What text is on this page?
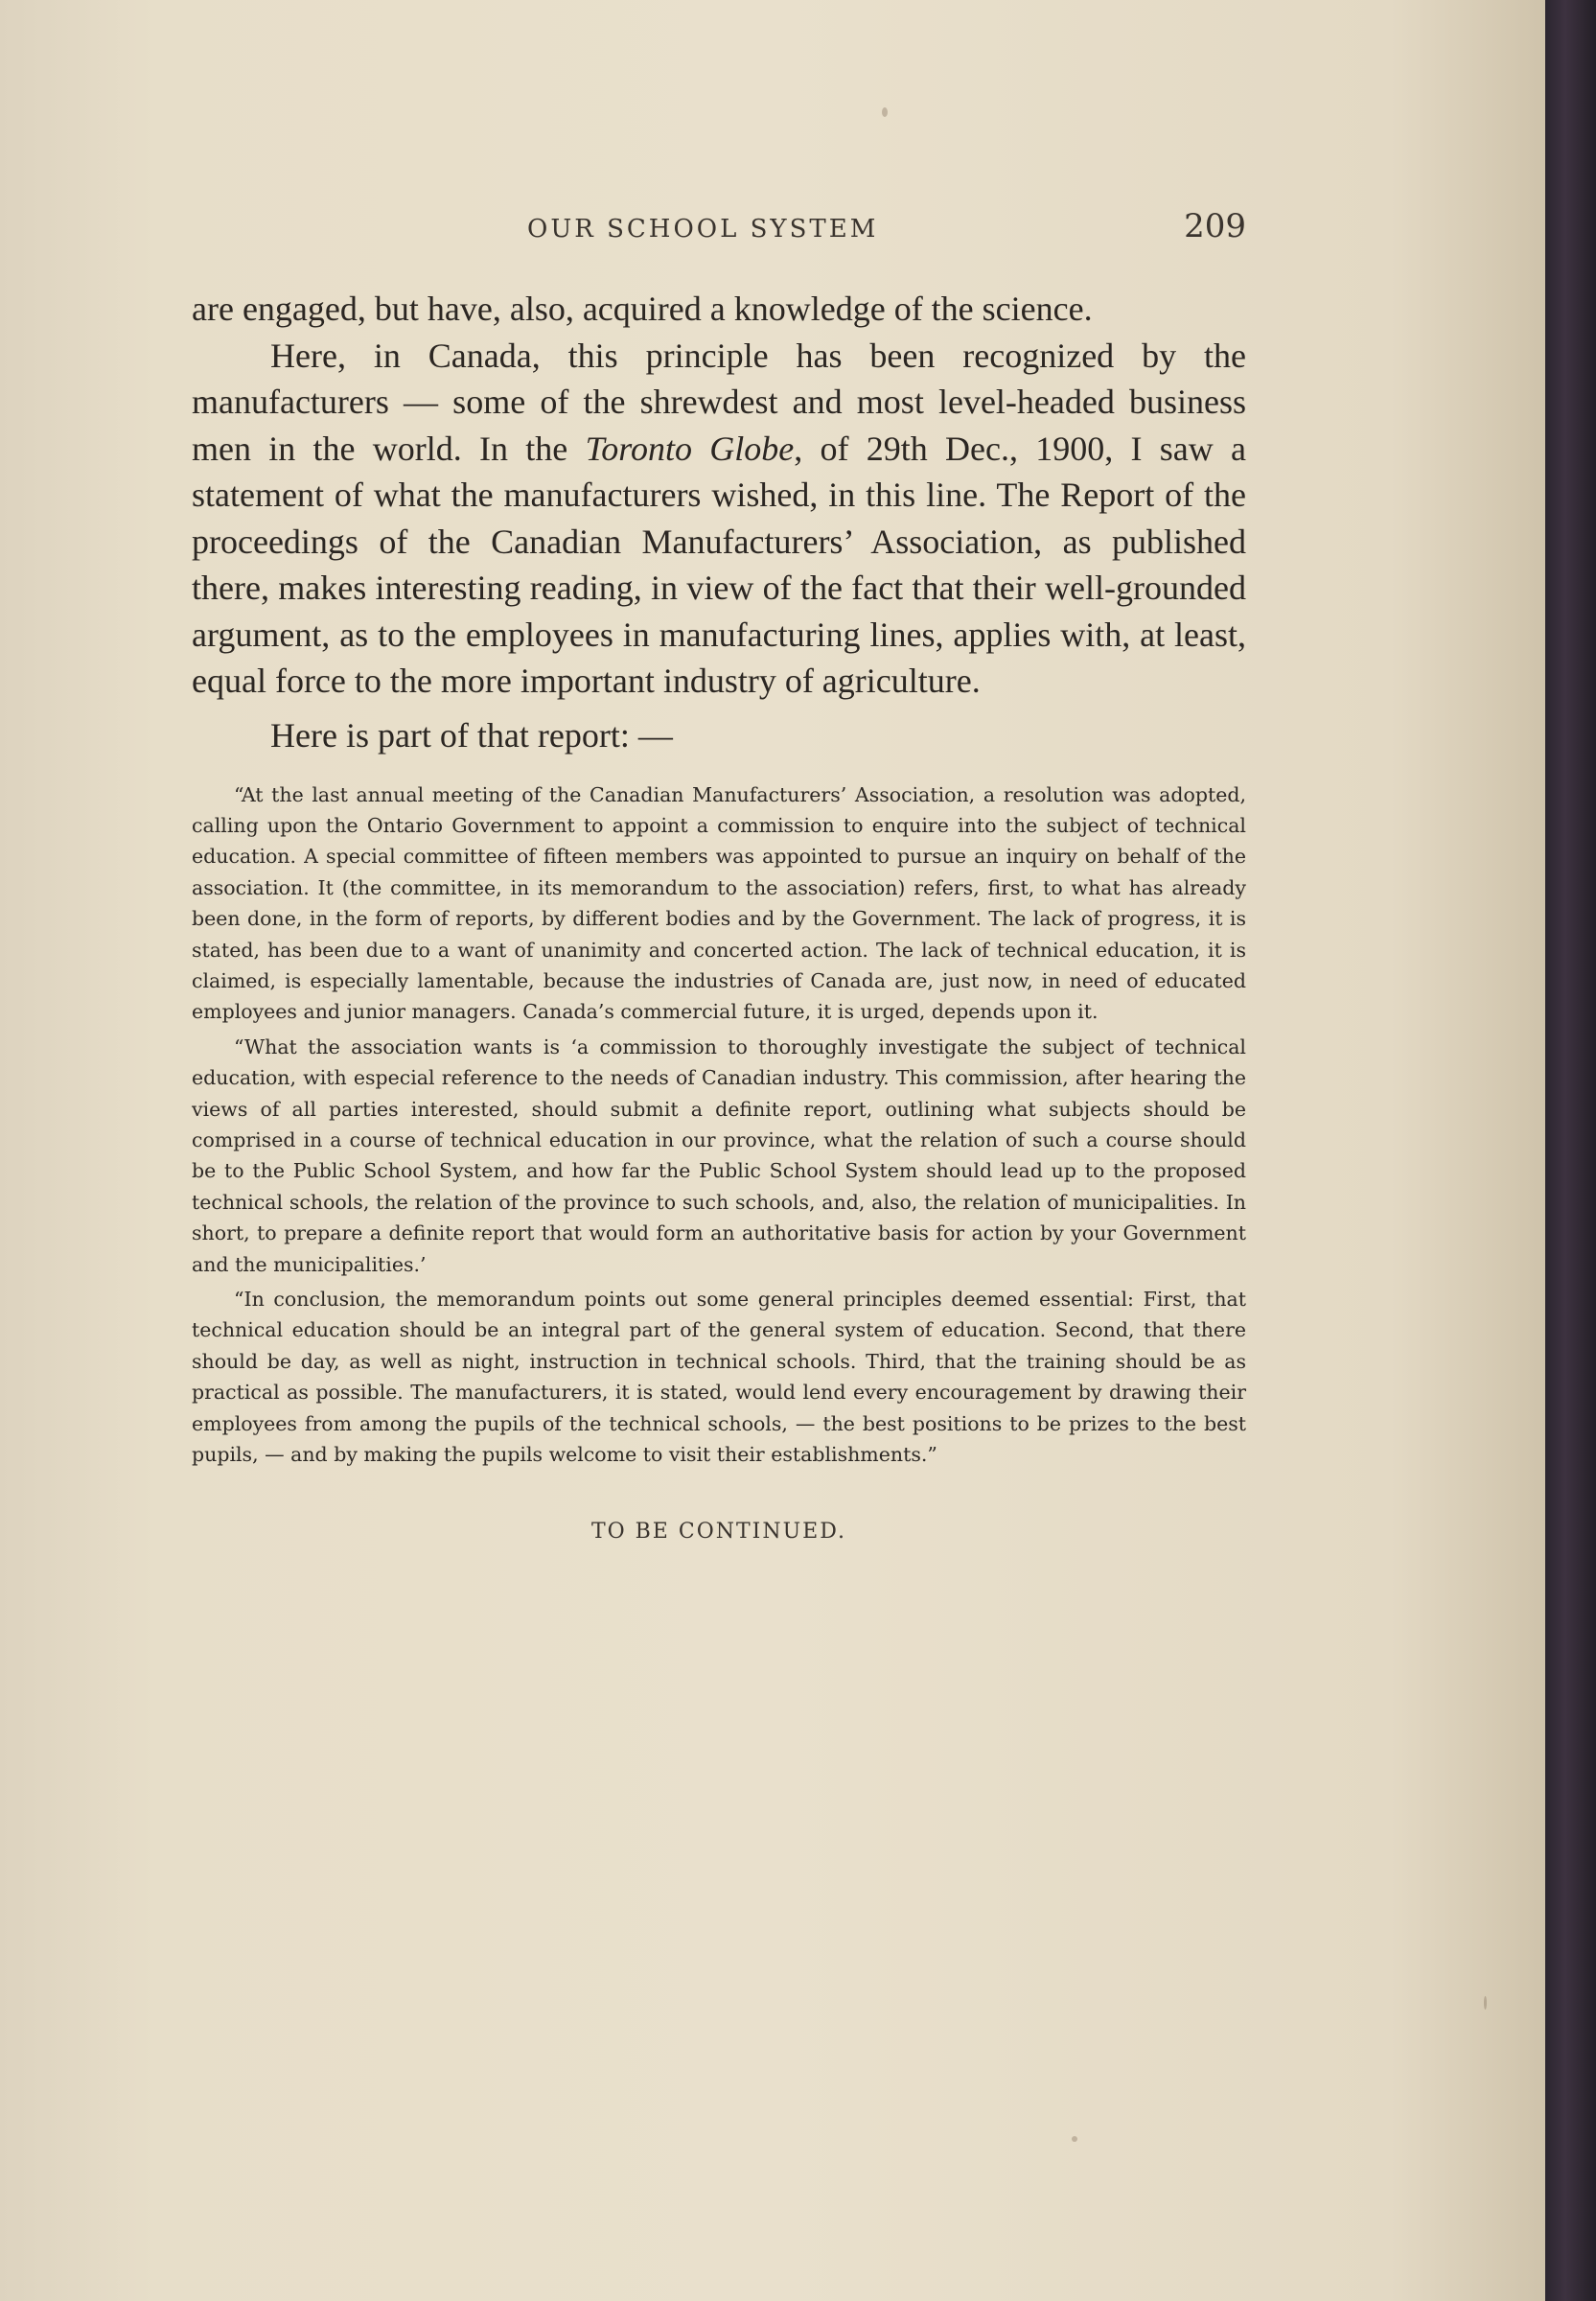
OUR SCHOOL SYSTEM	209

are engaged, but have, also, acquired a knowledge of the science.

Here, in Canada, this principle has been recognized by the manufacturers — some of the shrewdest and most level-headed business men in the world. In the Toronto Globe, of 29th Dec., 1900, I saw a statement of what the manufacturers wished, in this line. The Report of the proceedings of the Canadian Manufacturers’ Association, as published there, makes interesting reading, in view of the fact that their well-grounded argument, as to the employees in manufacturing lines, applies with, at least, equal force to the more important industry of agriculture.

Here is part of that report: —

“At the last annual meeting of the Canadian Manufacturers’ Association, a resolution was adopted, calling upon the Ontario Government to appoint a commission to enquire into the subject of technical education. A special committee of fifteen members was appointed to pursue an inquiry on behalf of the association. It (the committee, in its memorandum to the association) refers, first, to what has already been done, in the form of reports, by different bodies and by the Government. The lack of progress, it is stated, has been due to a want of unanimity and concerted action. The lack of technical education, it is claimed, is especially lamentable, because the industries of Canada are, just now, in need of educated employees and junior managers. Canada’s commercial future, it is urged, depends upon it.

“What the association wants is ‘a commission to thoroughly investigate the subject of technical education, with especial reference to the needs of Canadian industry. This commission, after hearing the views of all parties interested, should submit a definite report, outlining what subjects should be comprised in a course of technical education in our province, what the relation of such a course should be to the Public School System, and how far the Public School System should lead up to the proposed technical schools, the relation of the province to such schools, and, also, the relation of municipalities. In short, to prepare a definite report that would form an authoritative basis for action by your Government and the municipalities.’

“In conclusion, the memorandum points out some general principles deemed essential: First, that technical education should be an integral part of the general system of education. Second, that there should be day, as well as night, instruction in technical schools. Third, that the training should be as practical as possible. The manufacturers, it is stated, would lend every encouragement by drawing their employees from among the pupils of the technical schools, — the best positions to be prizes to the best pupils, — and by making the pupils welcome to visit their establishments.”

TO BE CONTINUED.
